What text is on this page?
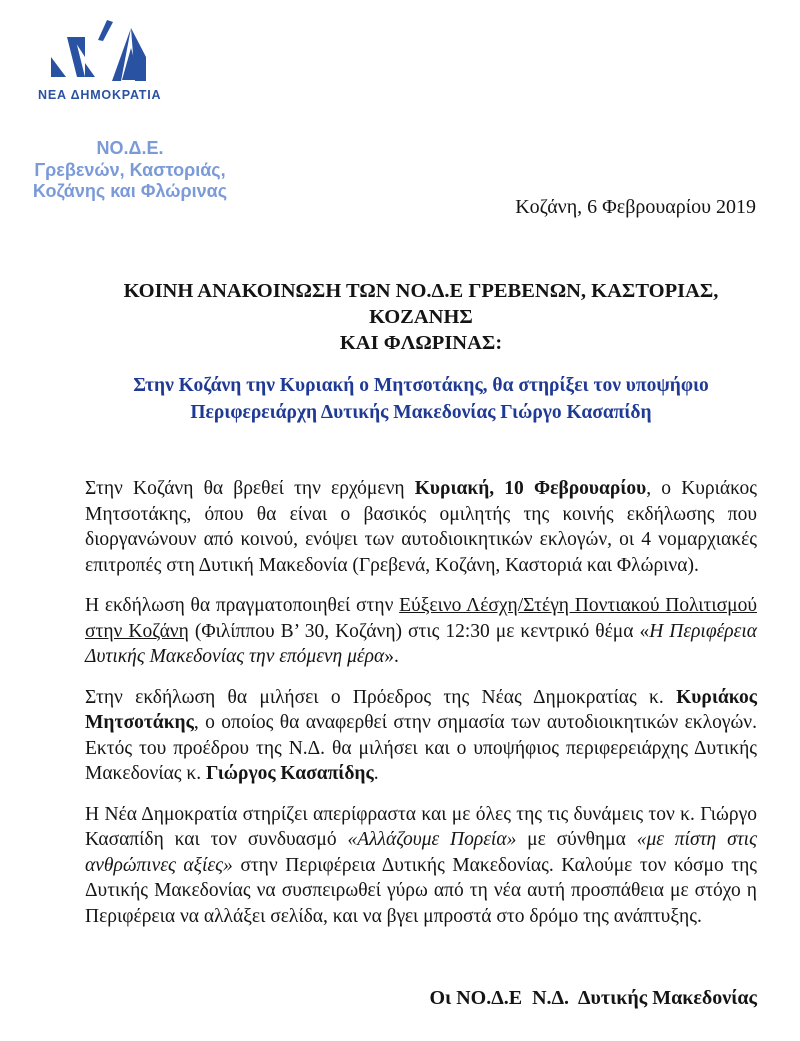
ΝΕΑ ΔΗΜΟΚΡΑΤΙΑ
ΝΟ.Δ.Ε.
Γρεβενών, Καστοριάς,
Κοζάνης και Φλώρινας
Κοζάνη, 6 Φεβρουαρίου 2019
ΚΟΙΝΗ ΑΝΑΚΟΙΝΩΣΗ ΤΩΝ ΝΟ.Δ.Ε ΓΡΕΒΕΝΩΝ, ΚΑΣΤΟΡΙΑΣ, ΚΟΖΑΝΗΣ
ΚΑΙ ΦΛΩΡΙΝΑΣ:
Στην Κοζάνη την Κυριακή ο Μητσοτάκης, θα στηρίξει τον υποψήφιο
Περιφερειάρχη Δυτικής Μακεδονίας Γιώργο Κασαπίδη

Στην Κοζάνη θα βρεθεί την ερχόμενη Κυριακή, 10 Φεβρουαρίου, ο Κυριάκος Μητσοτάκης, όπου θα είναι ο βασικός ομιλητής της κοινής εκδήλωσης που διοργανώνουν από κοινού, ενόψει των αυτοδιοικητικών εκλογών, οι 4 νομαρχιακές επιτροπές στη Δυτική Μακεδονία (Γρεβενά, Κοζάνη, Καστοριά και Φλώρινα).

Η εκδήλωση θα πραγματοποιηθεί στην Εύξεινο Λέσχη/Στέγη Ποντιακού Πολιτισμού στην Κοζάνη (Φιλίππου Β’ 30, Κοζάνη) στις 12:30 με κεντρικό θέμα «Η Περιφέρεια Δυτικής Μακεδονίας την επόμενη μέρα».

Στην εκδήλωση θα μιλήσει ο Πρόεδρος της Νέας Δημοκρατίας κ. Κυριάκος Μητσοτάκης, ο οποίος θα αναφερθεί στην σημασία των αυτοδιοικητικών εκλογών. Εκτός του προέδρου της Ν.Δ. θα μιλήσει και ο υποψήφιος περιφερειάρχης Δυτικής Μακεδονίας κ. Γιώργος Κασαπίδης.

Η Νέα Δημοκρατία στηρίζει απερίφραστα και με όλες της τις δυνάμεις τον κ. Γιώργο Κασαπίδη και τον συνδυασμό «Αλλάζουμε Πορεία» με σύνθημα «με πίστη στις ανθρώπινες αξίες» στην Περιφέρεια Δυτικής Μακεδονίας. Καλούμε τον κόσμο της Δυτικής Μακεδονίας να συσπειρωθεί γύρω από τη νέα αυτή προσπάθεια με στόχο η Περιφέρεια να αλλάξει σελίδα, και να βγει μπροστά στο δρόμο της ανάπτυξης.

Οι ΝΟ.Δ.Ε  Ν.Δ.  Δυτικής Μακεδονίας
